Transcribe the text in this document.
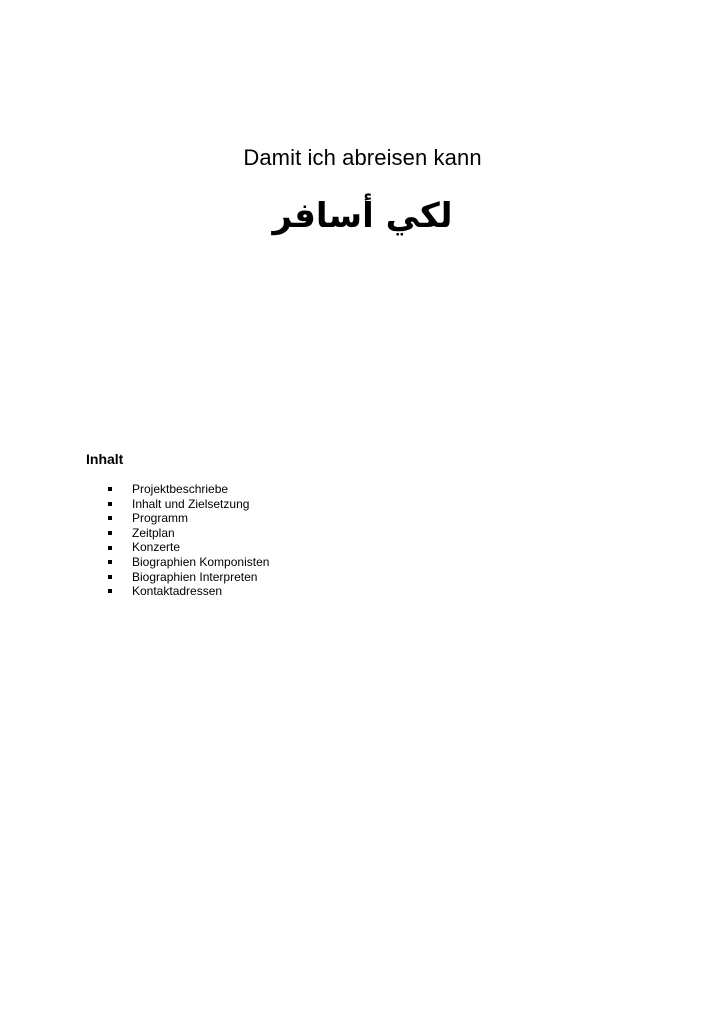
Damit ich abreisen kann
لكي أسافر
Inhalt
Projektbeschriebe
Inhalt und Zielsetzung
Programm
Zeitplan
Konzerte
Biographien Komponisten
Biographien Interpreten
Kontaktadressen
